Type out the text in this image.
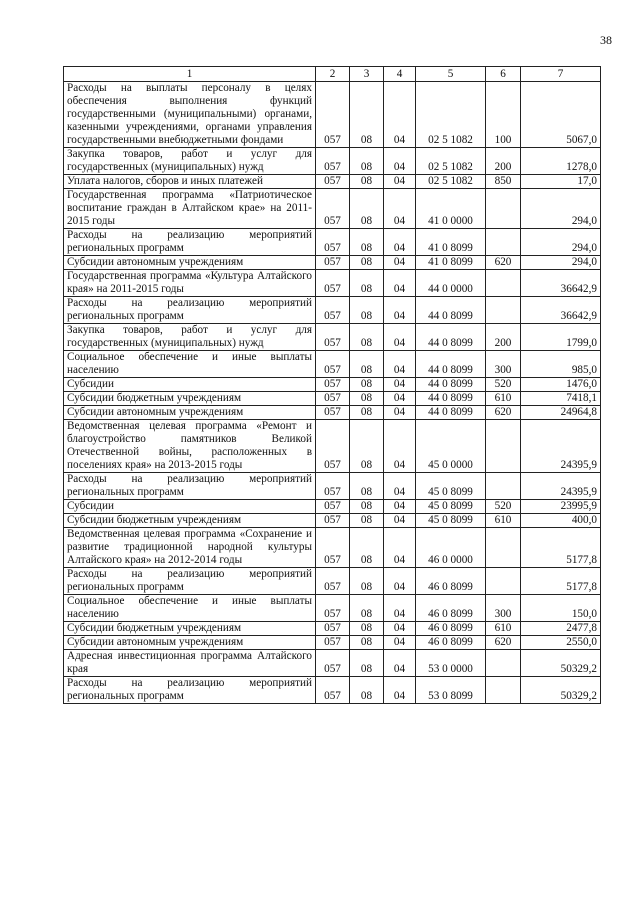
38
1	2	3	4	5	6	7
Расходы на выплаты персоналу в целях обеспечения выполнения функций государственными (муниципальными) органами, казенными учреждениями, органами управления государственными внебюджетными фондами	057	08	04	02 5 1082	100	5067,0
Закупка товаров, работ и услуг для государственных (муниципальных) нужд	057	08	04	02 5 1082	200	1278,0
Уплата налогов, сборов и иных платежей	057	08	04	02 5 1082	850	17,0
Государственная программа «Патриотическое воспитание граждан в Алтайском крае» на 2011-2015 годы	057	08	04	41 0 0000		294,0
Расходы на реализацию мероприятий региональных программ	057	08	04	41 0 8099		294,0
Субсидии автономным учреждениям	057	08	04	41 0 8099	620	294,0
Государственная программа «Культура Алтайского края» на 2011-2015 годы	057	08	04	44 0 0000		36642,9
Расходы на реализацию мероприятий региональных программ	057	08	04	44 0 8099		36642,9
Закупка товаров, работ и услуг для государственных (муниципальных) нужд	057	08	04	44 0 8099	200	1799,0
Социальное обеспечение и иные выплаты населению	057	08	04	44 0 8099	300	985,0
Субсидии	057	08	04	44 0 8099	520	1476,0
Субсидии бюджетным учреждениям	057	08	04	44 0 8099	610	7418,1
Субсидии автономным учреждениям	057	08	04	44 0 8099	620	24964,8
Ведомственная целевая программа «Ремонт и благоустройство памятников Великой Отечественной войны, расположенных в поселениях края» на 2013-2015 годы	057	08	04	45 0 0000		24395,9
Расходы на реализацию мероприятий региональных программ	057	08	04	45 0 8099		24395,9
Субсидии	057	08	04	45 0 8099	520	23995,9
Субсидии бюджетным учреждениям	057	08	04	45 0 8099	610	400,0
Ведомственная целевая программа «Сохранение и развитие традиционной народной культуры Алтайского края» на 2012-2014 годы	057	08	04	46 0 0000		5177,8
Расходы на реализацию мероприятий региональных программ	057	08	04	46 0 8099		5177,8
Социальное обеспечение и иные выплаты населению	057	08	04	46 0 8099	300	150,0
Субсидии бюджетным учреждениям	057	08	04	46 0 8099	610	2477,8
Субсидии автономным учреждениям	057	08	04	46 0 8099	620	2550,0
Адресная инвестиционная программа Алтайского края	057	08	04	53 0 0000		50329,2
Расходы на реализацию мероприятий региональных программ	057	08	04	53 0 8099		50329,2
